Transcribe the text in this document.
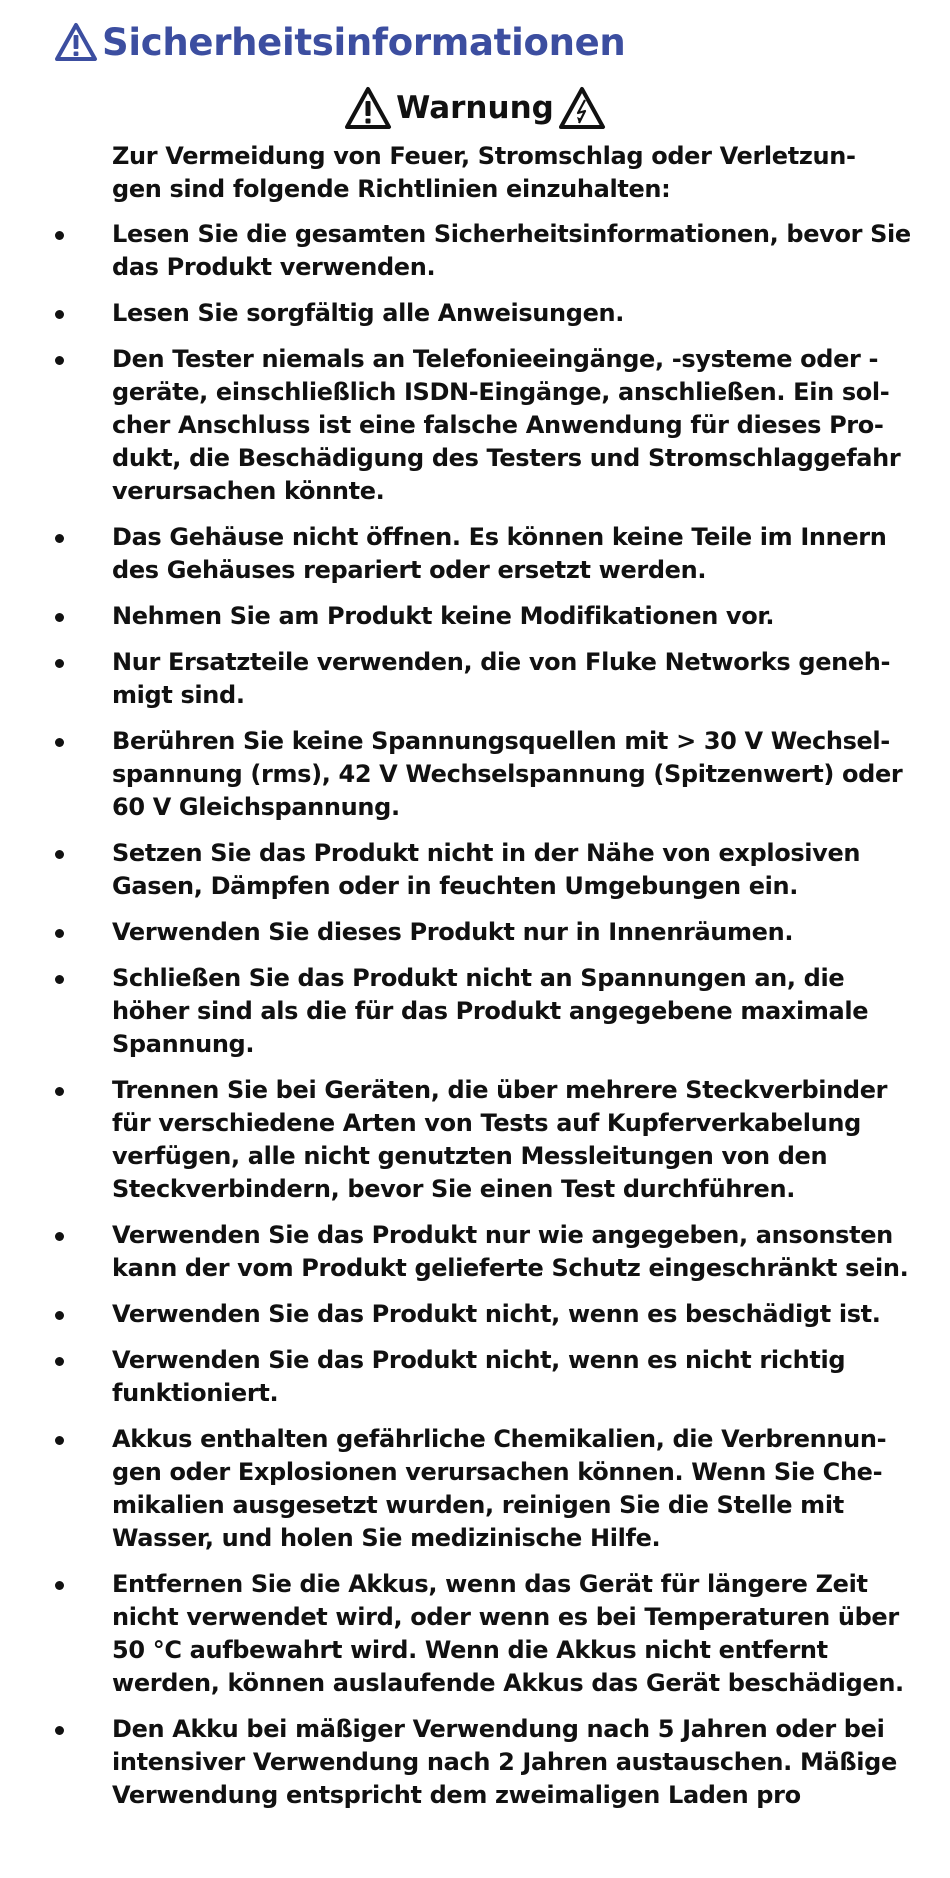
Sicherheitsinformationen
Warnung
Zur Vermeidung von Feuer, Stromschlag oder Verletzun-
gen sind folgende Richtlinien einzuhalten:
Lesen Sie die gesamten Sicherheitsinformationen, bevor Sie
das Produkt verwenden.
Lesen Sie sorgfältig alle Anweisungen.
Den Tester niemals an Telefonieeingänge, -systeme oder -
geräte, einschließlich ISDN-Eingänge, anschließen. Ein sol-
cher Anschluss ist eine falsche Anwendung für dieses Pro-
dukt, die Beschädigung des Testers und Stromschlaggefahr
verursachen könnte.
Das Gehäuse nicht öffnen. Es können keine Teile im Innern
des Gehäuses repariert oder ersetzt werden.
Nehmen Sie am Produkt keine Modifikationen vor.
Nur Ersatzteile verwenden, die von Fluke Networks geneh-
migt sind.
Berühren Sie keine Spannungsquellen mit > 30 V Wechsel-
spannung (rms), 42 V Wechselspannung (Spitzenwert) oder
60 V Gleichspannung.
Setzen Sie das Produkt nicht in der Nähe von explosiven
Gasen, Dämpfen oder in feuchten Umgebungen ein.
Verwenden Sie dieses Produkt nur in Innenräumen.
Schließen Sie das Produkt nicht an Spannungen an, die
höher sind als die für das Produkt angegebene maximale
Spannung.
Trennen Sie bei Geräten, die über mehrere Steckverbinder
für verschiedene Arten von Tests auf Kupferverkabelung
verfügen, alle nicht genutzten Messleitungen von den
Steckverbindern, bevor Sie einen Test durchführen.
Verwenden Sie das Produkt nur wie angegeben, ansonsten
kann der vom Produkt gelieferte Schutz eingeschränkt sein.
Verwenden Sie das Produkt nicht, wenn es beschädigt ist.
Verwenden Sie das Produkt nicht, wenn es nicht richtig
funktioniert.
Akkus enthalten gefährliche Chemikalien, die Verbrennun-
gen oder Explosionen verursachen können. Wenn Sie Che-
mikalien ausgesetzt wurden, reinigen Sie die Stelle mit
Wasser, und holen Sie medizinische Hilfe.
Entfernen Sie die Akkus, wenn das Gerät für längere Zeit
nicht verwendet wird, oder wenn es bei Temperaturen über
50 °C aufbewahrt wird. Wenn die Akkus nicht entfernt
werden, können auslaufende Akkus das Gerät beschädigen.
Den Akku bei mäßiger Verwendung nach 5 Jahren oder bei
intensiver Verwendung nach 2 Jahren austauschen. Mäßige
Verwendung entspricht dem zweimaligen Laden pro
